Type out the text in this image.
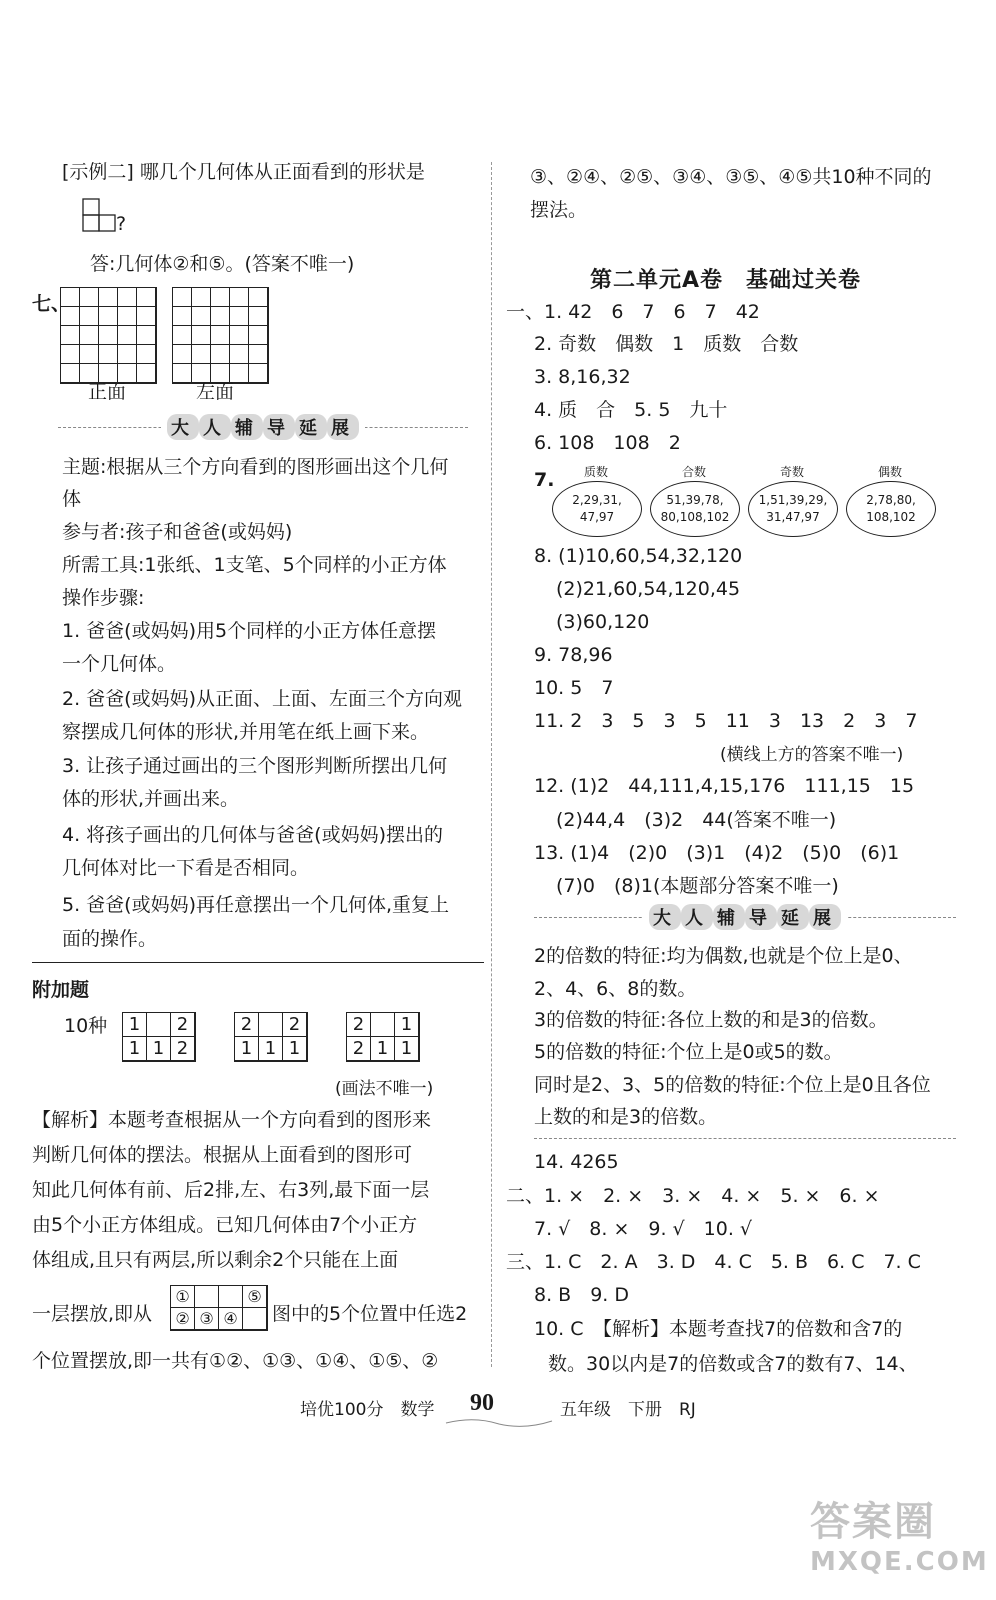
[示例二] 哪几个几何体从正面看到的形状是
?
答:几何体②和⑤。(答案不唯一)
七、
正面	左面
大 人 辅 导 延 展
主题:根据从三个方向看到的图形画出这个几何
体
参与者:孩子和爸爸(或妈妈)
所需工具:1张纸、1支笔、5个同样的小正方体
操作步骤:
1. 爸爸(或妈妈)用5个同样的小正方体任意摆
一个几何体。
2. 爸爸(或妈妈)从正面、上面、左面三个方向观
察摆成几何体的形状,并用笔在纸上画下来。
3. 让孩子通过画出的三个图形判断所摆出几何
体的形状,并画出来。
4. 将孩子画出的几何体与爸爸(或妈妈)摆出的
几何体对比一下看是否相同。
5. 爸爸(或妈妈)再任意摆出一个几何体,重复上
面的操作。
附加题
10种	1	2
1 1 2
2	2
1 1 1
2	1
2 1 1
(画法不唯一)
【解析】本题考查根据从一个方向看到的图形来
判断几何体的摆法。根据从上面看到的图形可
知此几何体有前、后2排,左、右3列,最下面一层
由5个小正方体组成。已知几何体由7个小正方
体组成,且只有两层,所以剩余2个只能在上面
一层摆放,即从
①	⑤
② ③ ④ 图中的5个位置中任选2
个位置摆放,即一共有①②、①③、①④、①⑤、②
③、②④、②⑤、③④、③⑤、④⑤共10种不同的
摆法。
第二单元A卷　基础过关卷
一、1. 42　6　7　6　7　42
2. 奇数　偶数　1　质数　合数
3. 8,16,32
4. 质　合　5. 5　九十
6. 108　108　2
7.	质数
2,29,31,
47,97
合数
51,39,78,
80,108,102
奇数
1,51,39,29,
31,47,97
偶数
2,78,80,
108,102
8. (1)10,60,54,32,120
(2)21,60,54,120,45
(3)60,120
9. 78,96
10. 5　7
11. 2　3　5　3　5　11　3　13　2　3　7
(横线上方的答案不唯一)
12. (1)2　44,111,4,15,176　111,15　15
(2)44,4　(3)2　44(答案不唯一)
13. (1)4　(2)0　(3)1　(4)2　(5)0　(6)1
(7)0　(8)1(本题部分答案不唯一)
大 人 辅 导 延 展
2的倍数的特征:均为偶数,也就是个位上是0、
2、4、6、8的数。
3的倍数的特征:各位上数的和是3的倍数。
5的倍数的特征:个位上是0或5的数。
同时是2、3、5的倍数的特征:个位上是0且各位
上数的和是3的倍数。
14. 4265
二、1. ×　2. ×　3. ×　4. ×　5. ×　6. ×
7. √　8. ×　9. √　10. √
三、1. C　2. A　3. D　4. C　5. B　6. C　7. C
8. B　9. D
10. C　【解析】本题考查找7的倍数和含7的
数。30以内是7的倍数或含7的数有7、14、
培优100分　数学 90	五年级　下册　RJ
答案圈
MXQE.COM
